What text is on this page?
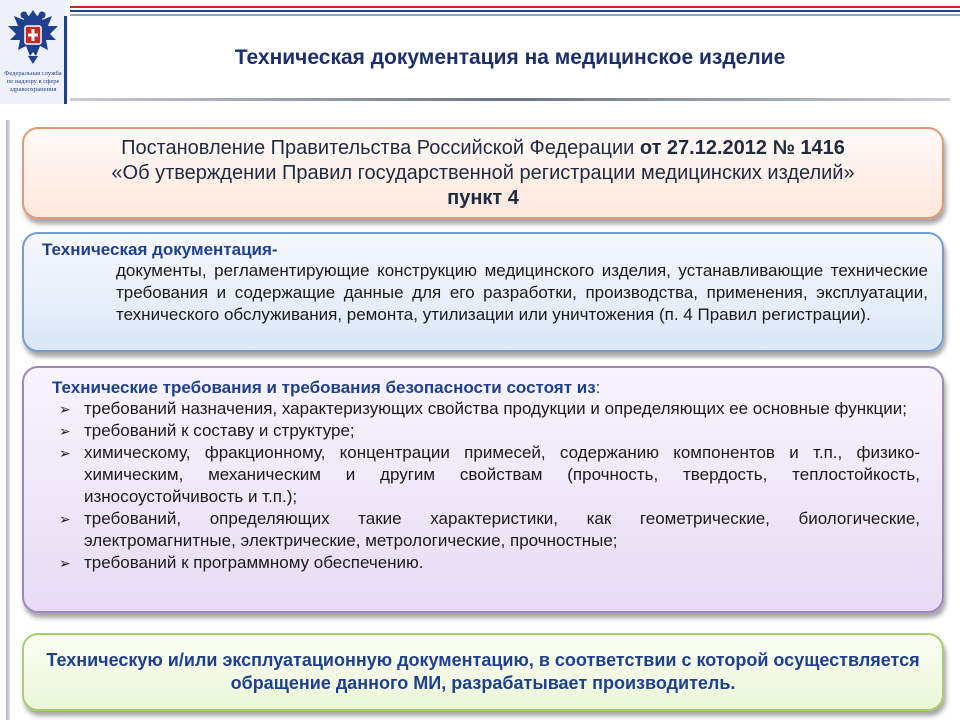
Федеральная служба
по надзору в сфере
здравоохранения
Техническая документация на медицинское изделие
Постановление Правительства Российской Федерации от 27.12.2012 № 1416
«Об утверждении Правил государственной регистрации медицинских изделий»
пункт 4
Техническая документация-
документы, регламентирующие конструкцию медицинского изделия, устанавливающие технические требования и содержащие данные для его разработки, производства, применения, эксплуатации, технического обслуживания, ремонта, утилизации или уничтожения (п. 4 Правил регистрации).
Технические требования и требования безопасности состоят из:
➢ требований назначения, характеризующих свойства продукции и определяющих ее основные функции;
➢ требований к составу и структуре;
➢ химическому, фракционному, концентрации примесей, содержанию компонентов и т.п., физико-химическим, механическим и другим свойствам (прочность, твердость, теплостойкость, износоустойчивость и т.п.);
➢ требований, определяющих такие характеристики, как геометрические, биологические, электромагнитные, электрические, метрологические, прочностные;
➢ требований к программному обеспечению.
Техническую и/или эксплуатационную документацию, в соответствии с которой осуществляется обращение данного МИ, разрабатывает производитель.
